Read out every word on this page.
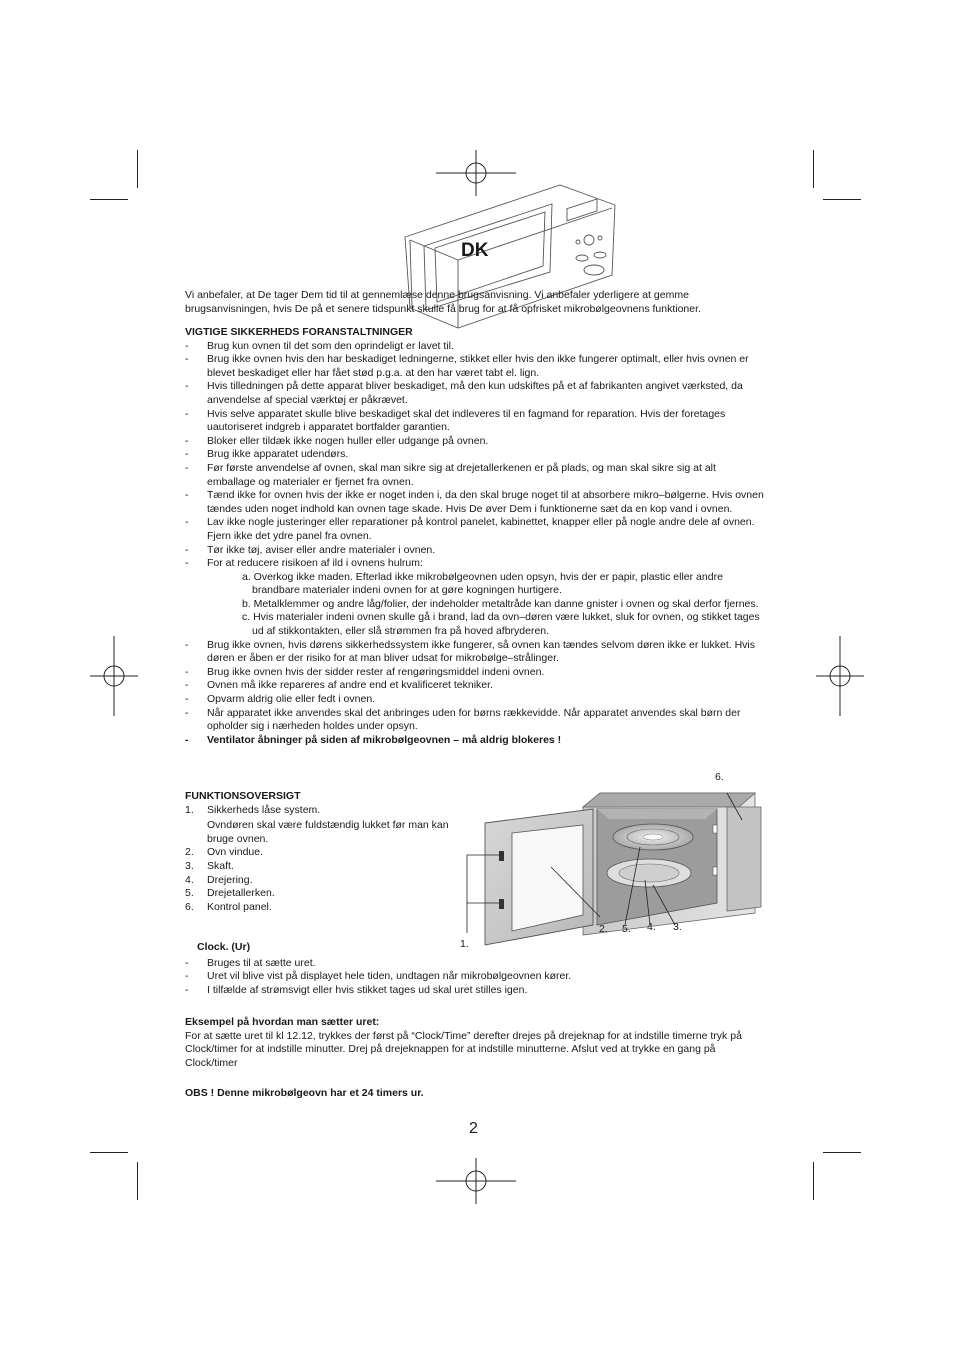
DK

Vi anbefaler, at De tager Dem tid til at gennemlæse denne brugsanvisning. Vi anbefaler yderligere at gemme brugsanvisningen, hvis De på et senere tidspunkt skulle få brug for at få opfrisket mikrobølgeovnens funktioner.

VIGTIGE SIKKERHEDS FORANSTALTNINGER
- Brug kun ovnen til det som den oprindeligt er lavet til.
- Brug ikke ovnen hvis den har beskadiget ledningerne, stikket eller hvis den ikke fungerer optimalt, eller hvis ovnen er blevet beskadiget eller har fået stød p.g.a. at den har været tabt el. lign.
- Hvis tilledningen på dette apparat bliver beskadiget, må den kun udskiftes på et af fabrikanten angivet værksted, da anvendelse af special værktøj er påkrævet.
- Hvis selve apparatet skulle blive beskadiget skal det indleveres til en fagmand for reparation. Hvis der foretages uautoriseret indgreb i apparatet bortfalder garantien.
- Bloker eller tildæk ikke nogen huller eller udgange på ovnen.
- Brug ikke apparatet udendørs.
- Før første anvendelse af ovnen, skal man sikre sig at drejetallerkenen er på plads, og man skal sikre sig at alt emballage og materialer er fjernet fra ovnen.
- Tænd ikke for ovnen hvis der ikke er noget inden i, da den skal bruge noget til at absorbere mikro–bølgerne. Hvis ovnen tændes uden noget indhold kan ovnen tage skade. Hvis De øver Dem i funktionerne sæt da en kop vand i ovnen.
- Lav ikke nogle justeringer eller reparationer på kontrol panelet, kabinettet, knapper eller på nogle andre dele af ovnen. Fjern ikke det ydre panel fra ovnen.
- Tør ikke tøj, aviser eller andre materialer i ovnen.
- For at reducere risikoen af ild i ovnens hulrum:
a. Overkog ikke maden. Efterlad ikke mikrobølgeovnen uden opsyn, hvis der er papir, plastic eller andre brandbare materialer indeni ovnen for at gøre kogningen hurtigere.
b. Metalklemmer og andre låg/folier, der indeholder metaltråde kan danne gnister i ovnen og skal derfor fjernes.
c. Hvis materialer indeni ovnen skulle gå i brand, lad da ovn–døren være lukket, sluk for ovnen, og stikket tages ud af stikkontakten, eller slå strømmen fra på hoved afbryderen.
- Brug ikke ovnen, hvis dørens sikkerhedssystem ikke fungerer, så ovnen kan tændes selvom døren ikke er lukket. Hvis døren er åben er der risiko for at man bliver udsat for mikrobølge–strålinger.
- Brug ikke ovnen hvis der sidder rester af rengøringsmiddel indeni ovnen.
- Ovnen må ikke repareres af andre end et kvalificeret tekniker.
- Opvarm aldrig olie eller fedt i ovnen.
- Når apparatet ikke anvendes skal det anbringes uden for børns rækkevidde. Når apparatet anvendes skal børn der opholder sig i nærheden holdes under opsyn.
- Ventilator åbninger på siden af mikrobølgeovnen – må aldrig blokeres !
FUNKTIONSOVERSIGT
1. Sikkerheds låse system.
Ovndøren skal være fuldstændig lukket før man kan bruge ovnen.
2. Ovn vindue.
3. Skaft.
4. Drejering.
5. Drejetallerken.
6. Kontrol panel.
1.
2. 5. 4. 3.
6.
Clock. (Ur)
- Bruges til at sætte uret.
- Uret vil blive vist på displayet hele tiden, undtagen når mikrobølgeovnen kører.
- I tilfælde af strømsvigt eller hvis stikket tages ud skal uret stilles igen.
Eksempel på hvordan man sætter uret:
For at sætte uret til kl 12.12, trykkes der først på “Clock/Time” derefter drejes på drejeknap for at indstille timerne tryk på Clock/timer for at indstille minutter. Drej på drejeknappen for at indstille minutterne. Afslut ved at trykke en gang på Clock/timer
OBS ! Denne mikrobølgeovn har et 24 timers ur.
2
